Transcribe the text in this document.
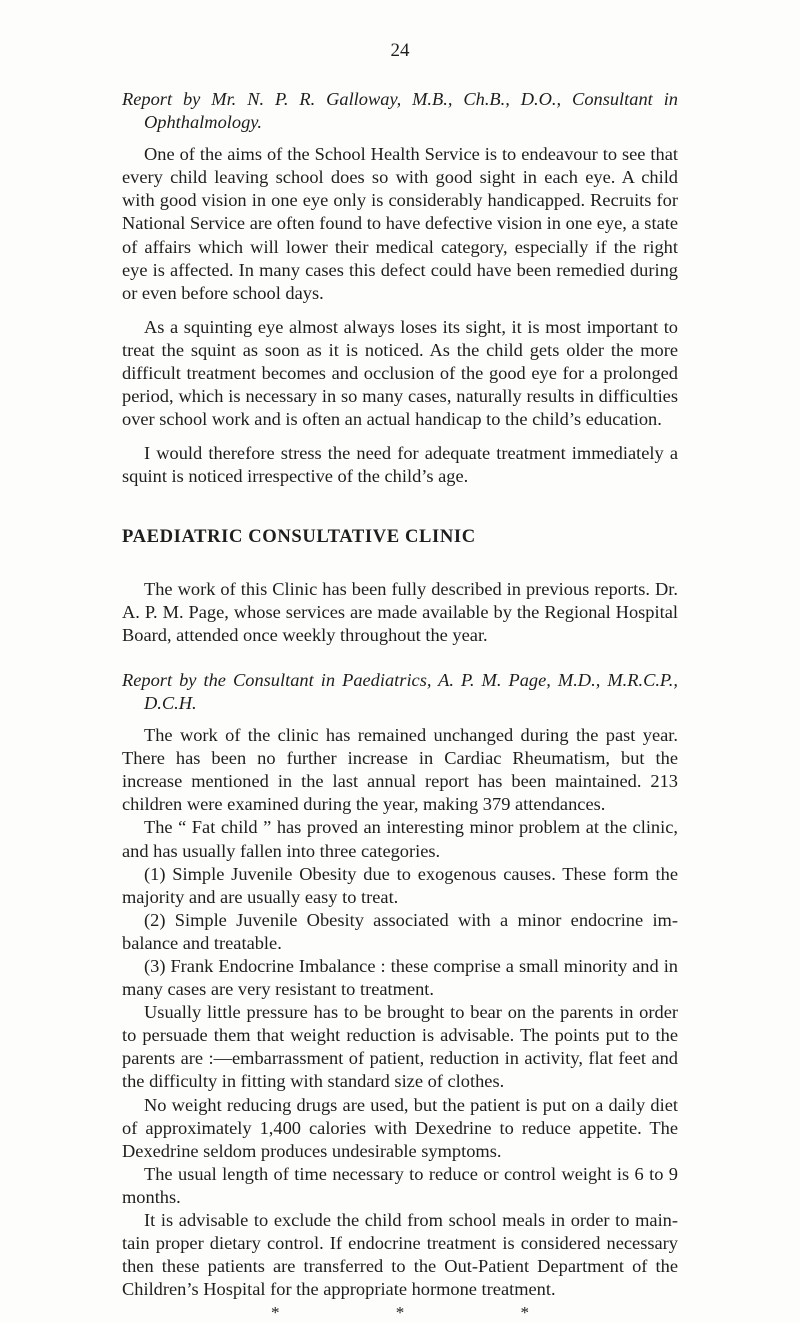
24

Report by Mr. N. P. R. Galloway, M.B., Ch.B., D.O., Consultant in Ophthalmology.

One of the aims of the School Health Service is to endeavour to see that every child leaving school does so with good sight in each eye. A child with good vision in one eye only is considerably handicapped. Recruits for National Service are often found to have defective vision in one eye, a state of affairs which will lower their medical category, especially if the right eye is affected. In many cases this defect could have been remedied during or even before school days.

As a squinting eye almost always loses its sight, it is most important to treat the squint as soon as it is noticed. As the child gets older the more difficult treatment becomes and occlusion of the good eye for a prolonged period, which is necessary in so many cases, naturally results in difficulties over school work and is often an actual handicap to the child’s education.

I would therefore stress the need for adequate treatment immediately a squint is noticed irrespective of the child’s age.

PAEDIATRIC CONSULTATIVE CLINIC

The work of this Clinic has been fully described in previous reports. Dr. A. P. M. Page, whose services are made available by the Regional Hospital Board, attended once weekly throughout the year.

Report by the Consultant in Paediatrics, A. P. M. Page, M.D., M.R.C.P., D.C.H.

The work of the clinic has remained unchanged during the past year. There has been no further increase in Cardiac Rheumatism, but the increase mentioned in the last annual report has been maintained. 213 children were examined during the year, making 379 attendances.

The “ Fat child ” has proved an interesting minor problem at the clinic, and has usually fallen into three categories.

(1) Simple Juvenile Obesity due to exogenous causes. These form the majority and are usually easy to treat.

(2) Simple Juvenile Obesity associated with a minor endocrine im-balance and treatable.

(3) Frank Endocrine Imbalance : these comprise a small minority and in many cases are very resistant to treatment.

Usually little pressure has to be brought to bear on the parents in order to persuade them that weight reduction is advisable. The points put to the parents are :—embarrassment of patient, reduction in activity, flat feet and the difficulty in fitting with standard size of clothes.

No weight reducing drugs are used, but the patient is put on a daily diet of approximately 1,400 calories with Dexedrine to reduce appetite. The Dexedrine seldom produces undesirable symptoms.

The usual length of time necessary to reduce or control weight is 6 to 9 months.

It is advisable to exclude the child from school meals in order to main-tain proper dietary control. If endocrine treatment is considered necessary then these patients are transferred to the Out-Patient Department of the Children’s Hospital for the appropriate hormone treatment.

* * *
